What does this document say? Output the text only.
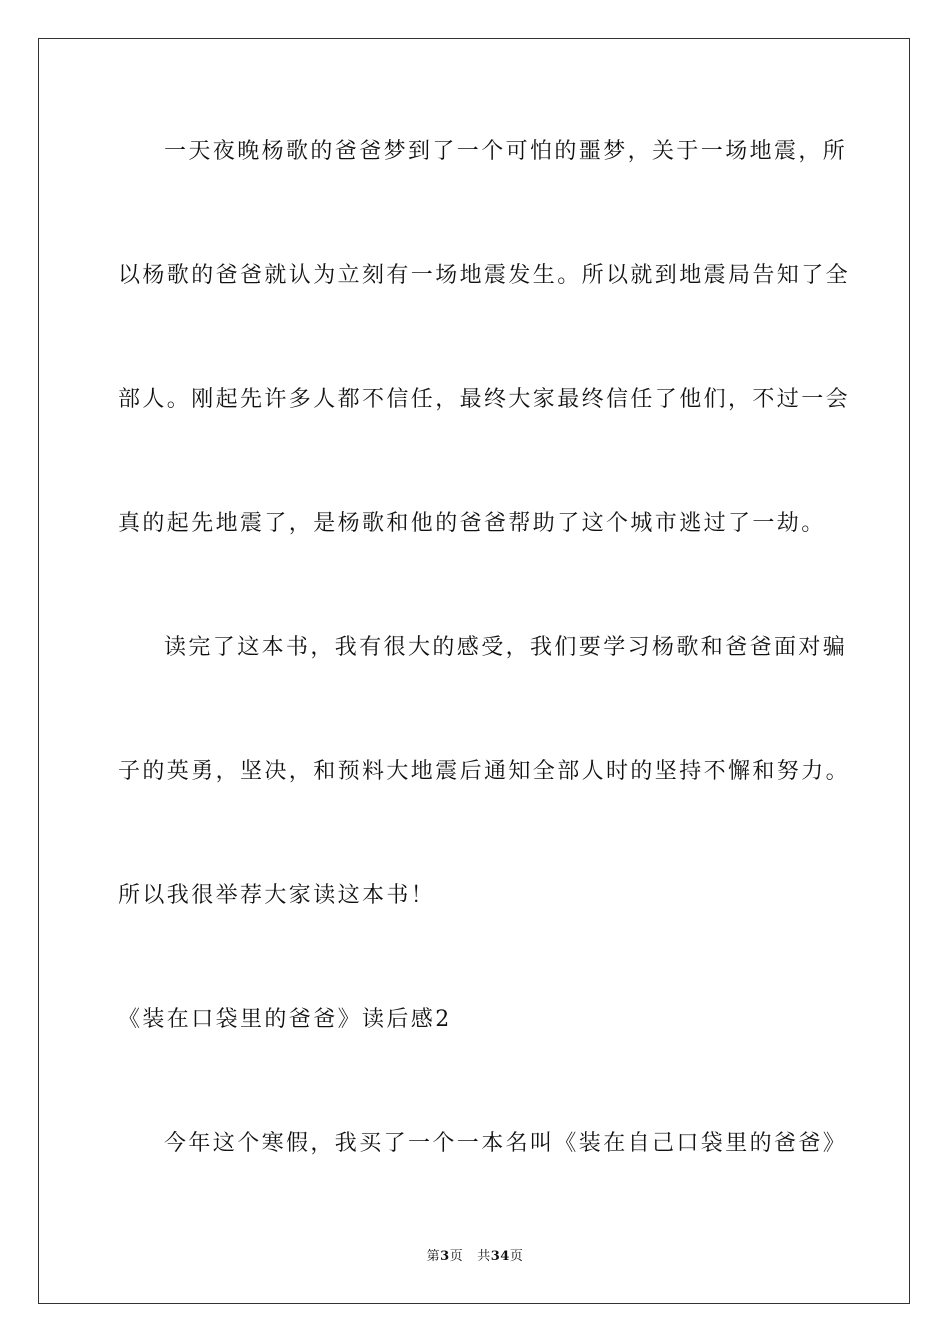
一天夜晚杨歌的爸爸梦到了一个可怕的噩梦，关于一场地震，所
以杨歌的爸爸就认为立刻有一场地震发生。所以就到地震局告知了全
部人。刚起先许多人都不信任，最终大家最终信任了他们，不过一会
真的起先地震了，是杨歌和他的爸爸帮助了这个城市逃过了一劫。
读完了这本书，我有很大的感受，我们要学习杨歌和爸爸面对骗
子的英勇，坚决，和预料大地震后通知全部人时的坚持不懈和努力。
所以我很举荐大家读这本书！
《装在口袋里的爸爸》读后感2
今年这个寒假，我买了一个一本名叫《装在自己口袋里的爸爸》
第3页 共34页
